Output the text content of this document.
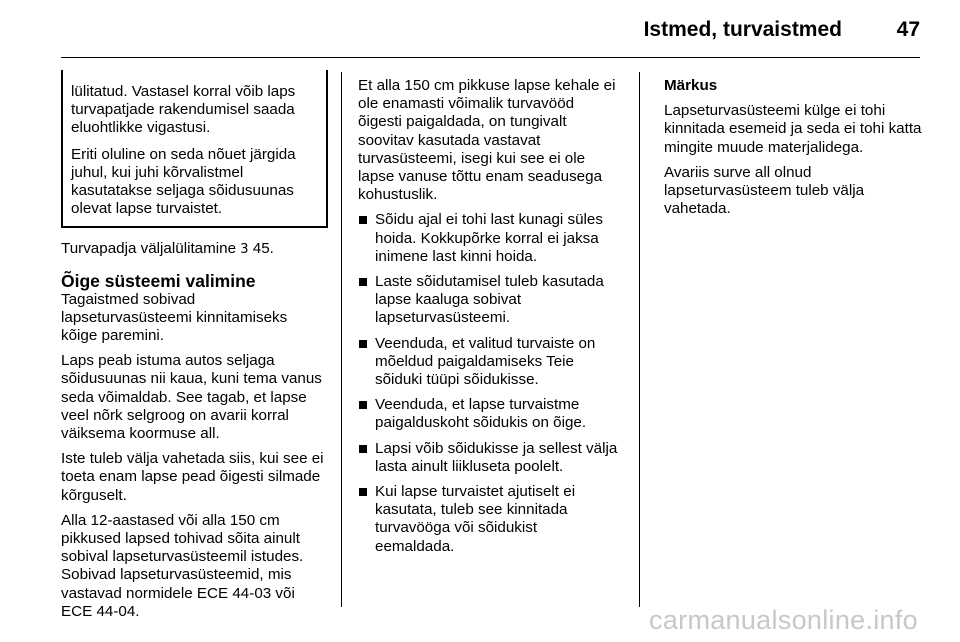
Istmed, turvaistmed	47

lülitatud. Vastasel korral võib laps turvapatjade rakendumisel saada eluohtlikke vigastusi.

Eriti oluline on seda nõuet järgida juhul, kui juhi kõrvalistmel kasutatakse seljaga sõidusuunas olevat lapse turvaistet.

Turvapadja väljalülitamine 3 45.

Õige süsteemi valimine

Tagaistmed sobivad lapseturvasüsteemi kinnitamiseks kõige paremini.

Laps peab istuma autos seljaga sõidusuunas nii kaua, kuni tema vanus seda võimaldab. See tagab, et lapse veel nõrk selgroog on avarii korral väiksema koormuse all.

Iste tuleb välja vahetada siis, kui see ei toeta enam lapse pead õigesti silmade kõrguselt.

Alla 12-aastased või alla 150 cm pikkused lapsed tohivad sõita ainult sobival lapseturvasüsteemil istudes. Sobivad lapseturvasüsteemid, mis vastavad normidele ECE 44-03 või ECE 44-04.

Et alla 150 cm pikkuse lapse kehale ei ole enamasti võimalik turvavööd õigesti paigaldada, on tungivalt soovitav kasutada vastavat turvasüsteemi, isegi kui see ei ole lapse vanuse tõttu enam seadusega kohustuslik.

Sõidu ajal ei tohi last kunagi süles hoida. Kokkupõrke korral ei jaksa inimene last kinni hoida.
Laste sõidutamisel tuleb kasutada lapse kaaluga sobivat lapseturvasüsteemi.
Veenduda, et valitud turvaiste on mõeldud paigaldamiseks Teie sõiduki tüüpi sõidukisse.
Veenduda, et lapse turvaistme paigalduskoht sõidukis on õige.
Lapsi võib sõidukisse ja sellest välja lasta ainult liikluseta poolelt.
Kui lapse turvaistet ajutiselt ei kasutata, tuleb see kinnitada turvavööga või sõidukist eemaldada.

Märkus

Lapseturvasüsteemi külge ei tohi kinnitada esemeid ja seda ei tohi katta mingite muude materjalidega.

Avariis surve all olnud lapseturvasüsteem tuleb välja vahetada.

carmanualsonline.info
